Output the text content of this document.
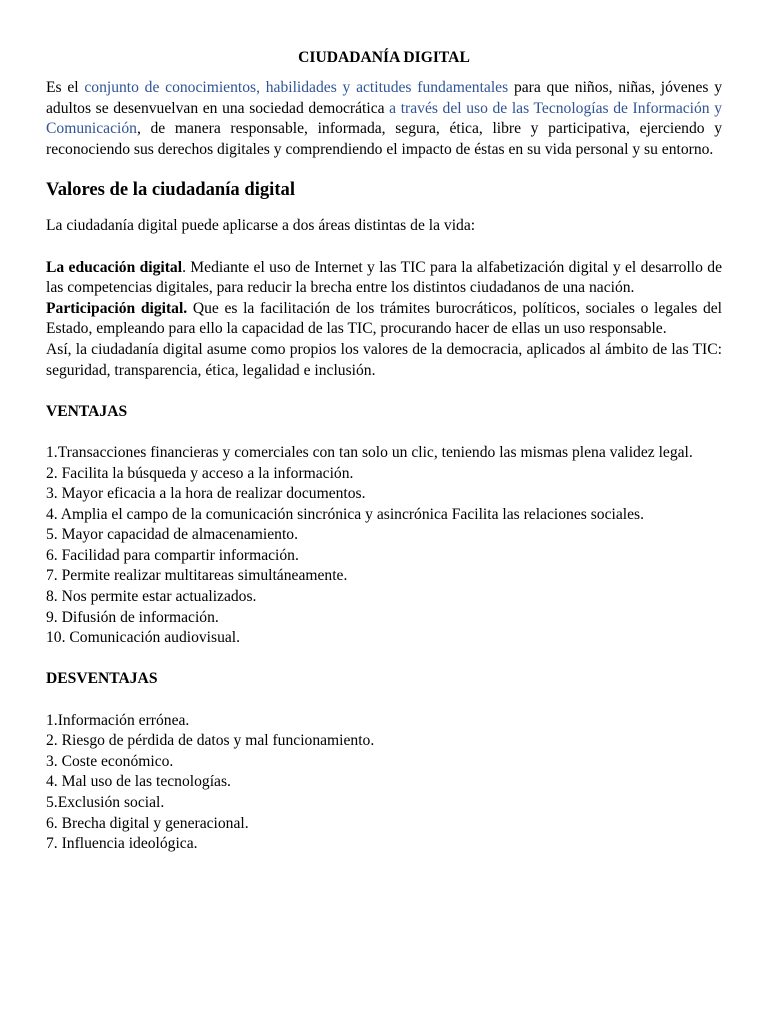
CIUDADANÍA DIGITAL

Es el conjunto de conocimientos, habilidades y actitudes fundamentales para que niños, niñas, jóvenes y adultos se desenvuelvan en una sociedad democrática a través del uso de las Tecnologías de Información y Comunicación, de manera responsable, informada, segura, ética, libre y participativa, ejerciendo y reconociendo sus derechos digitales y comprendiendo el impacto de éstas en su vida personal y su entorno.

Valores de la ciudadanía digital

La ciudadanía digital puede aplicarse a dos áreas distintas de la vida:

La educación digital. Mediante el uso de Internet y las TIC para la alfabetización digital y el desarrollo de las competencias digitales, para reducir la brecha entre los distintos ciudadanos de una nación.

Participación digital. Que es la facilitación de los trámites burocráticos, políticos, sociales o legales del Estado, empleando para ello la capacidad de las TIC, procurando hacer de ellas un uso responsable.

Así, la ciudadanía digital asume como propios los valores de la democracia, aplicados al ámbito de las TIC: seguridad, transparencia, ética, legalidad e inclusión.

VENTAJAS

1.Transacciones financieras y comerciales con tan solo un clic, teniendo las mismas plena validez legal.
2. Facilita la búsqueda y acceso a la información.
3. Mayor eficacia a la hora de realizar documentos.
4. Amplia el campo de la comunicación sincrónica y asincrónica Facilita las relaciones sociales.
5. Mayor capacidad de almacenamiento.
6. Facilidad para compartir información.
7. Permite realizar multitareas simultáneamente.
8. Nos permite estar actualizados.
9. Difusión de información.
10. Comunicación audiovisual.

DESVENTAJAS

1.Información errónea.
2. Riesgo de pérdida de datos y mal funcionamiento.
3. Coste económico.
4. Mal uso de las tecnologías.
5.Exclusión social.
6. Brecha digital y generacional.
7. Influencia ideológica.
